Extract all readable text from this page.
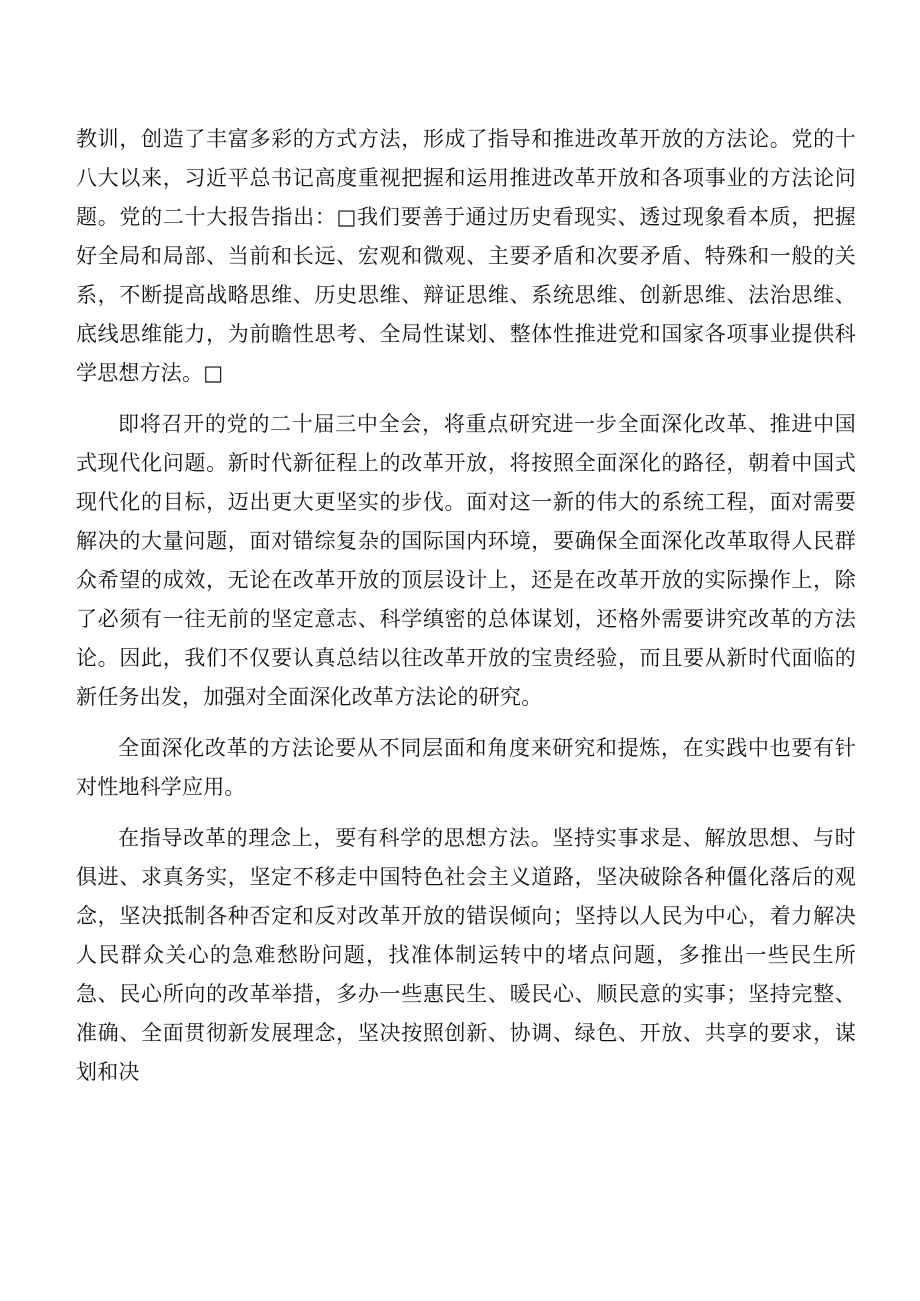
教训，创造了丰富多彩的方式方法，形成了指导和推进改革开放的方法论。党的十八大以来，习近平总书记高度重视把握和运用推进改革开放和各项事业的方法论问题。党的二十大报告指出：□我们要善于通过历史看现实、透过现象看本质，把握好全局和局部、当前和长远、宏观和微观、主要矛盾和次要矛盾、特殊和一般的关系，不断提高战略思维、历史思维、辩证思维、系统思维、创新思维、法治思维、底线思维能力，为前瞻性思考、全局性谋划、整体性推进党和国家各项事业提供科学思想方法。□

即将召开的党的二十届三中全会，将重点研究进一步全面深化改革、推进中国式现代化问题。新时代新征程上的改革开放，将按照全面深化的路径，朝着中国式现代化的目标，迈出更大更坚实的步伐。面对这一新的伟大的系统工程，面对需要解决的大量问题，面对错综复杂的国际国内环境，要确保全面深化改革取得人民群众希望的成效，无论在改革开放的顶层设计上，还是在改革开放的实际操作上，除了必须有一往无前的坚定意志、科学缜密的总体谋划，还格外需要讲究改革的方法论。因此，我们不仅要认真总结以往改革开放的宝贵经验，而且要从新时代面临的新任务出发，加强对全面深化改革方法论的研究。

全面深化改革的方法论要从不同层面和角度来研究和提炼，在实践中也要有针对性地科学应用。

在指导改革的理念上，要有科学的思想方法。坚持实事求是、解放思想、与时俱进、求真务实，坚定不移走中国特色社会主义道路，坚决破除各种僵化落后的观念，坚决抵制各种否定和反对改革开放的错误倾向；坚持以人民为中心，着力解决人民群众关心的急难愁盼问题，找准体制运转中的堵点问题，多推出一些民生所急、民心所向的改革举措，多办一些惠民生、暖民心、顺民意的实事；坚持完整、准确、全面贯彻新发展理念，坚决按照创新、协调、绿色、开放、共享的要求，谋划和决
